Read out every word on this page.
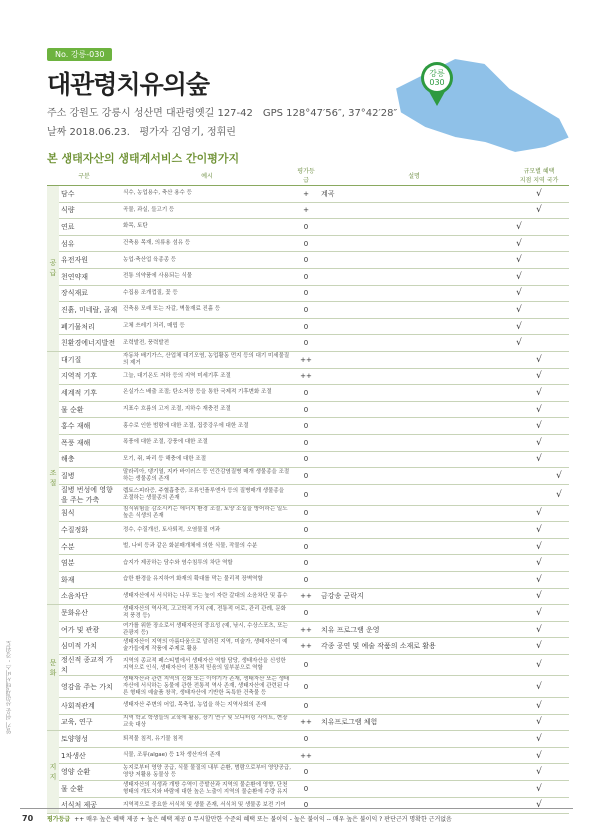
알기 쉬운 산림생태서비스 - 강원도
No. 강릉-030
대관령치유의숲
주소 강원도 강릉시 성산면 대관령옛길 127-42 GPS 128°47′56″, 37°42′28″
날짜 2018.06.23. 평가자 김영기, 정휘린
강릉
030
본 생태자산의 생태계서비스 간이평가지
구분		예시	평가등급	설명	규모별 혜택
지점 지역 국가		

공급	담수	식수, 농업용수, 축산 용수 등	+	계곡		√	
	식량	곡물, 과실, 들고기 등	+			√	
	연료	화목, 토탄	0		√		
	섬유	건축용 목재, 의류용 섬유 등	0		√		
	유전자원	농업·축산업 육종종 등	0		√		
	천연약재	전통 의약품에 사용되는 식물	0		√		
	장식재료	수집용 조개껍질, 꽃 등	0		√		
	진흙, 미네랄, 골재	건축용 모래 또는 자갈, 벽돌재료 진흙 등	0		√		
	폐기물처리	고체 쓰레기 처리, 매립 등	0		√		
	친환경에너지발전	조력발전, 풍력발전	0		√		
조절	대기질	자동차 배기가스, 산업체 대기오염, 농업활동 먼지 등의 대기 미세물질의 제거	++			√	
	지역적 기후	그늘, 대기온도 저하 등의 지역 미세기후 조절	++			√	
	세계적 기후	온실가스 배출 조절; 탄소저장 등을 통한 국제적 기후변화 조절	0			√	
	물 순환	지표수 흐름의 고저 조절, 지하수 재충전 조절	0			√	
	홍수 재해	홍수로 인한 범람에 대한 조절, 집중강우에 대한 조절	0			√	
	폭풍 재해	폭풍에 대한 조절, 강풍에 대한 조절	0			√	
	해충	모기, 쥐, 파리 등 해충에 대한 조절	0			√	
	질병	말라리아, 댕기열, 지카 바이러스 등 인간감염질병 매개 생물종을 조절하는 생물종의 존재	0				√
	질병 번성에 영향을 주는 가축	렙토스피라증, 주혈흡충증, 조류인플루엔자 등의 질병매개 생물종을 조절하는 생물종의 존재	0				√
	침식	침식위험을 감소시키는 에너지 환경 조절, 토양 소실을 방어하는 일도 높은 식생의 존재	0			√	
	수질정화	정수, 수질개선, 토사퇴적, 오염물질 여과	0			√	
	수분	벌, 나비 등과 같은 화분매개체에 의한 식물, 작물의 수분	0			√	
	염분	습지가 제공하는 담수와 염수침투의 차단 역할	0			√	
	화재	습한 환경을 유지하여 화재의 확대를 막는 물리적 장벽역할	0			√	
	소음차단	생태자산에서 서식하는 나무 또는 높이 자란 갈대의 소음차단 및 흡수	++	금강송 군락지		√	
문화	문화유산	생태자산의 역사적, 고고학적 가치 (예, 전통적 어로, 관리 관례, 문화적 풍경 등)	0			√	
	여가 및 관광	여가를 위한 장소로서 생태자산의 중요성 (예, 낚시, 수상스포츠, 또는 관광지 등)	++	치유 프로그램 운영		√	
	심미적 가치	생태자산이 지역의 아름다움으로 알려진 지역, 미술가, 생태자산이 예술가들에게 작품에 주제로 활용	++	각종 공연 및 예술 작품의 소재로 활용		√	
	정신적 종교적 가치	지역의 종교적 페스티벌에서 생태자산 역할 담당, 생태자산을 신성한 지역으로 인식, 생태자산이 전통적 믿음의 일부분으로 역할	0			√	
	영감을 주는 가치	생태자산과 관련 지역의 신화 또는 이야기가 존재, 생태자산 또는 생태자산에 서식하는 동물에 관한 전통적 역사 존재, 생태자산에 관련된 다른 형태의 예술품 창작, 생태자산에 기반한 독특한 건축물 등	0			√	
	사회적관계	생태자산 주변의 어업, 목축업, 농업을 하는 지역사회의 존재	0			√	
	교육, 연구	지역 학교 학생들의 교육에 활용, 장기 연구 및 모니터링 사이트, 현장교육 대상	++	치유프로그램 체험		√	
지지	토양형성	퇴적물 침적, 유기물 침적	0			√	
	1차생산	식물, 조류(algae) 등 1차 생산자의 존재	++			√	
	영양 순환	농지로부터 영양 공급, 식물 물질의 내부 순환, 범람으로부터 영양공급, 영양 저활용 동물상 등	0			√	
	물 순환	생태자산의 식생과 개방 수역이 증발산과 지역의 물순환에 영향, 단천 형태의 개도지와 바람에 대한 높은 노출이 지역의 물순환에 수량 유지	0			√	
	서식처 제공	지역적으로 중요한 서식처 및 생물 존재, 서식처 및 생물종 보전 기여	0			√	
70 평가등급 ++ 매우 높은 혜택 제공 + 높은 혜택 제공 0 무시할만한 수준의 혜택 또는 불이익 - 높은 불이익 -- 매우 높은 불이익 ? 판단근거 명확한 근거없음
